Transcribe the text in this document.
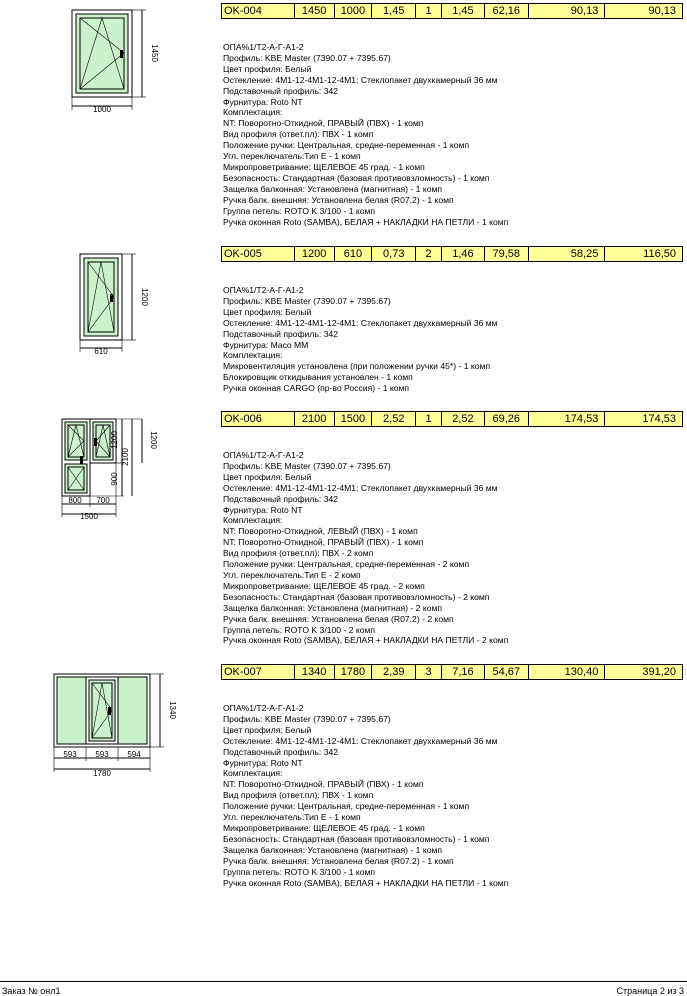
OK-004	1450	1000	1,45	1	1,45	62,16	90,13	90,13
1000
1450	ОПА%1/Т2-А-Г-А1-2
Профиль: KBE Master (7390.07 + 7395.67)
Цвет профиля: Белый
Остекление: 4М1-12-4М1-12-4М1: Стеклопакет двухкамерный 36 мм
Подставочный профиль: 342
Фурнитура: Roto NT
Комплектация:
NT: Поворотно-Откидной, ПРАВЫЙ (ПВХ) - 1 комп
Вид профиля (ответ.пл): ПВХ - 1 комп
Положение ручки: Центральная, средне-переменная - 1 комп
Угл. переключатель:Тип Е - 1 комп
Микропроветривание: ЩЕЛЕВОЕ 45 град. - 1 комп
Безопасность: Стандартная (базовая противовзломность) - 1 комп
Защелка балконная: Установлена (магнитная) - 1 комп
Ручка балк. внешняя: Установлена белая (R07.2) - 1 комп
Группа петель: ROTO K 3/100 - 1 комп
Ручка оконная Roto (SAMBA), БЕЛАЯ + НАКЛАДКИ НА ПЕТЛИ - 1 комп
OK-005	1200	610	0,73	2	1,46	79,58	58,25	116,50
610
1200	ОПА%1/Т2-А-Г-А1-2
Профиль: KBE Master (7390.07 + 7395.67)
Цвет профиля: Белый
Остекление: 4М1-12-4М1-12-4М1: Стеклопакет двухкамерный 36 мм
Подставочный профиль: 342
Фурнитура: Maco MM
Комплектация:
Микровентиляция установлена (при положении ручки 45*) - 1 комп
Блокировщик откидывания установлен - 1 комп
Ручка оконная CARGO (пр-во Россия) - 1 комп
OK-006	2100	1500	2,52	1	2,52	69,26	174,53	174,53
1200
900
2100
1200
800 700
1500
ОПА%1/Т2-А-Г-А1-2
Профиль: KBE Master (7390.07 + 7395.67)
Цвет профиля: Белый
Остекление: 4М1-12-4М1-12-4М1: Стеклопакет двухкамерный 36 мм
Подставочный профиль: 342
Фурнитура: Roto NT
Комплектация:
NT: Поворотно-Откидной, ЛЕВЫЙ (ПВХ) - 1 комп
NT: Поворотно-Откидной, ПРАВЫЙ (ПВХ) - 1 комп
Вид профиля (ответ.пл): ПВХ - 2 комп
Положение ручки: Центральная, средне-переменная - 2 комп
Угл. переключатель:Тип Е - 2 комп
Микропроветривание: ЩЕЛЕВОЕ 45 град. - 2 комп
Безопасность: Стандартная (базовая противовзломность) - 2 комп
Защелка балконная: Установлена (магнитная) - 2 комп
Ручка балк. внешняя: Установлена белая (R07.2) - 2 комп
Группа петель: ROTO K 3/100 - 2 комп
Ручка оконная Roto (SAMBA), БЕЛАЯ + НАКЛАДКИ НА ПЕТЛИ - 2 комп
OK-007	1340	1780	2,39	3	7,16	54,67	130,40	391,20
1340
593 593 594
1780
ОПА%1/Т2-А-Г-А1-2
Профиль: KBE Master (7390.07 + 7395.67)
Цвет профиля: Белый
Остекление: 4М1-12-4М1-12-4М1: Стеклопакет двухкамерный 36 мм
Подставочный профиль: 342
Фурнитура: Roto NT
Комплектация:
NT: Поворотно-Откидной, ПРАВЫЙ (ПВХ) - 1 комп
Вид профиля (ответ.пл): ПВХ - 1 комп
Положение ручки: Центральная, средне-переменная - 1 комп
Угл. переключатель:Тип Е - 1 комп
Микропроветривание: ЩЕЛЕВОЕ 45 град. - 1 комп
Безопасность: Стандартная (базовая противовзломность) - 1 комп
Защелка балконная: Установлена (магнитная) - 1 комп
Ручка балк. внешняя: Установлена белая (R07.2) - 1 комп
Группа петель: ROTO K 3/100 - 1 комп
Ручка оконная Roto (SAMBA), БЕЛАЯ + НАКЛАДКИ НА ПЕТЛИ - 1 комп
Заказ № онл1	Страница 2 из 3
